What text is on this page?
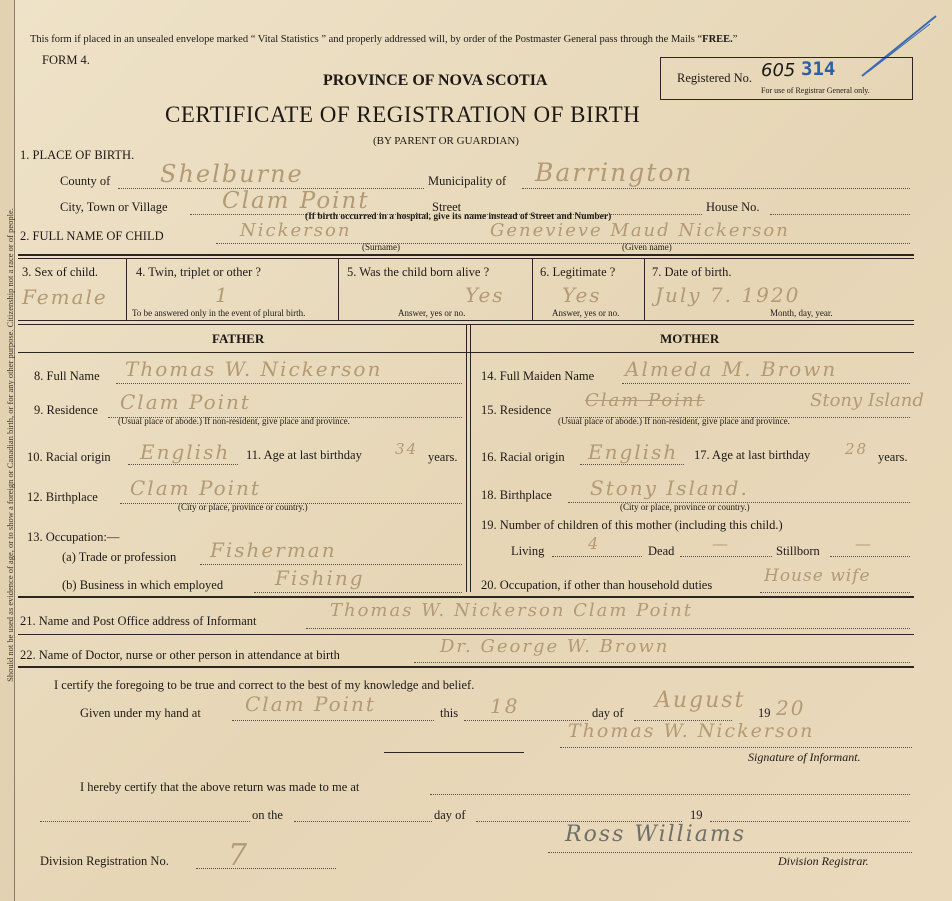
Should not be used as evidence of age, or to show a foreign or Canadian birth, or for any other purpose. Citizenship not a race or of people.
This form if placed in an unsealed envelope marked “ Vital Statistics ” and properly addressed will, by order of the Postmaster General pass through the Mails “FREE.”
FORM 4.
PROVINCE OF NOVA SCOTIA
CERTIFICATE OF REGISTRATION OF BIRTH
(BY PARENT OR GUARDIAN)
Registered No. 605 314
For use of Registrar General only.
1. PLACE OF BIRTH.
County of Shelburne	Municipality of Barrington
City, Town or Village Clam Point	Street	House No.
(If birth occurred in a hospital, give its name instead of Street and Number)
2. FULL NAME OF CHILD	Nickerson	Genevieve Maud Nickerson
(Surname)	(Given name)
3. Sex of child.
Female
4. Twin, triplet or other ?
1
To be answered only in the event of plural birth.
5. Was the child born alive ?
Yes
Answer, yes or no.
6. Legitimate ?
Yes
Answer, yes or no.
7. Date of birth.
July 7. 1920
Month, day, year.
FATHER	MOTHER
8. Full Name Thomas W. Nickerson
9. Residence Clam Point
(Usual place of abode.) If non-resident, give place and province.
10. Racial origin English 11. Age at last birthday 34 years.
12. Birthplace Clam Point
(City or place, province or country.)
13. Occupation:—
(a) Trade or profession Fisherman
(b) Business in which employed	Fishing
14. Full Maiden Name Almeda M. Brown
15. Residence Clam Point	Stony Island
(Usual place of abode.) If non-resident, give place and province.
16. Racial origin English 17. Age at last birthday 28 years.
18. Birthplace Stony Island.
(City or place, province or country.)
19. Number of children of this mother (including this child.)
Living	4	Dead —	Stillborn —
20. Occupation, if other than household duties	House wife
21. Name and Post Office address of Informant	Thomas W. Nickerson Clam Point
22. Name of Doctor, nurse or other person in attendance at birth	Dr. George W. Brown
I certify the foregoing to be true and correct to the best of my knowledge and belief.
Given under my hand at Clam Point	this 18	day of August 19 20
Thomas W. Nickerson
Signature of Informant.
I hereby certify that the above return was made to me at
on the	day of	19
Division Registration No. 7
Ross Williams
Division Registrar.
